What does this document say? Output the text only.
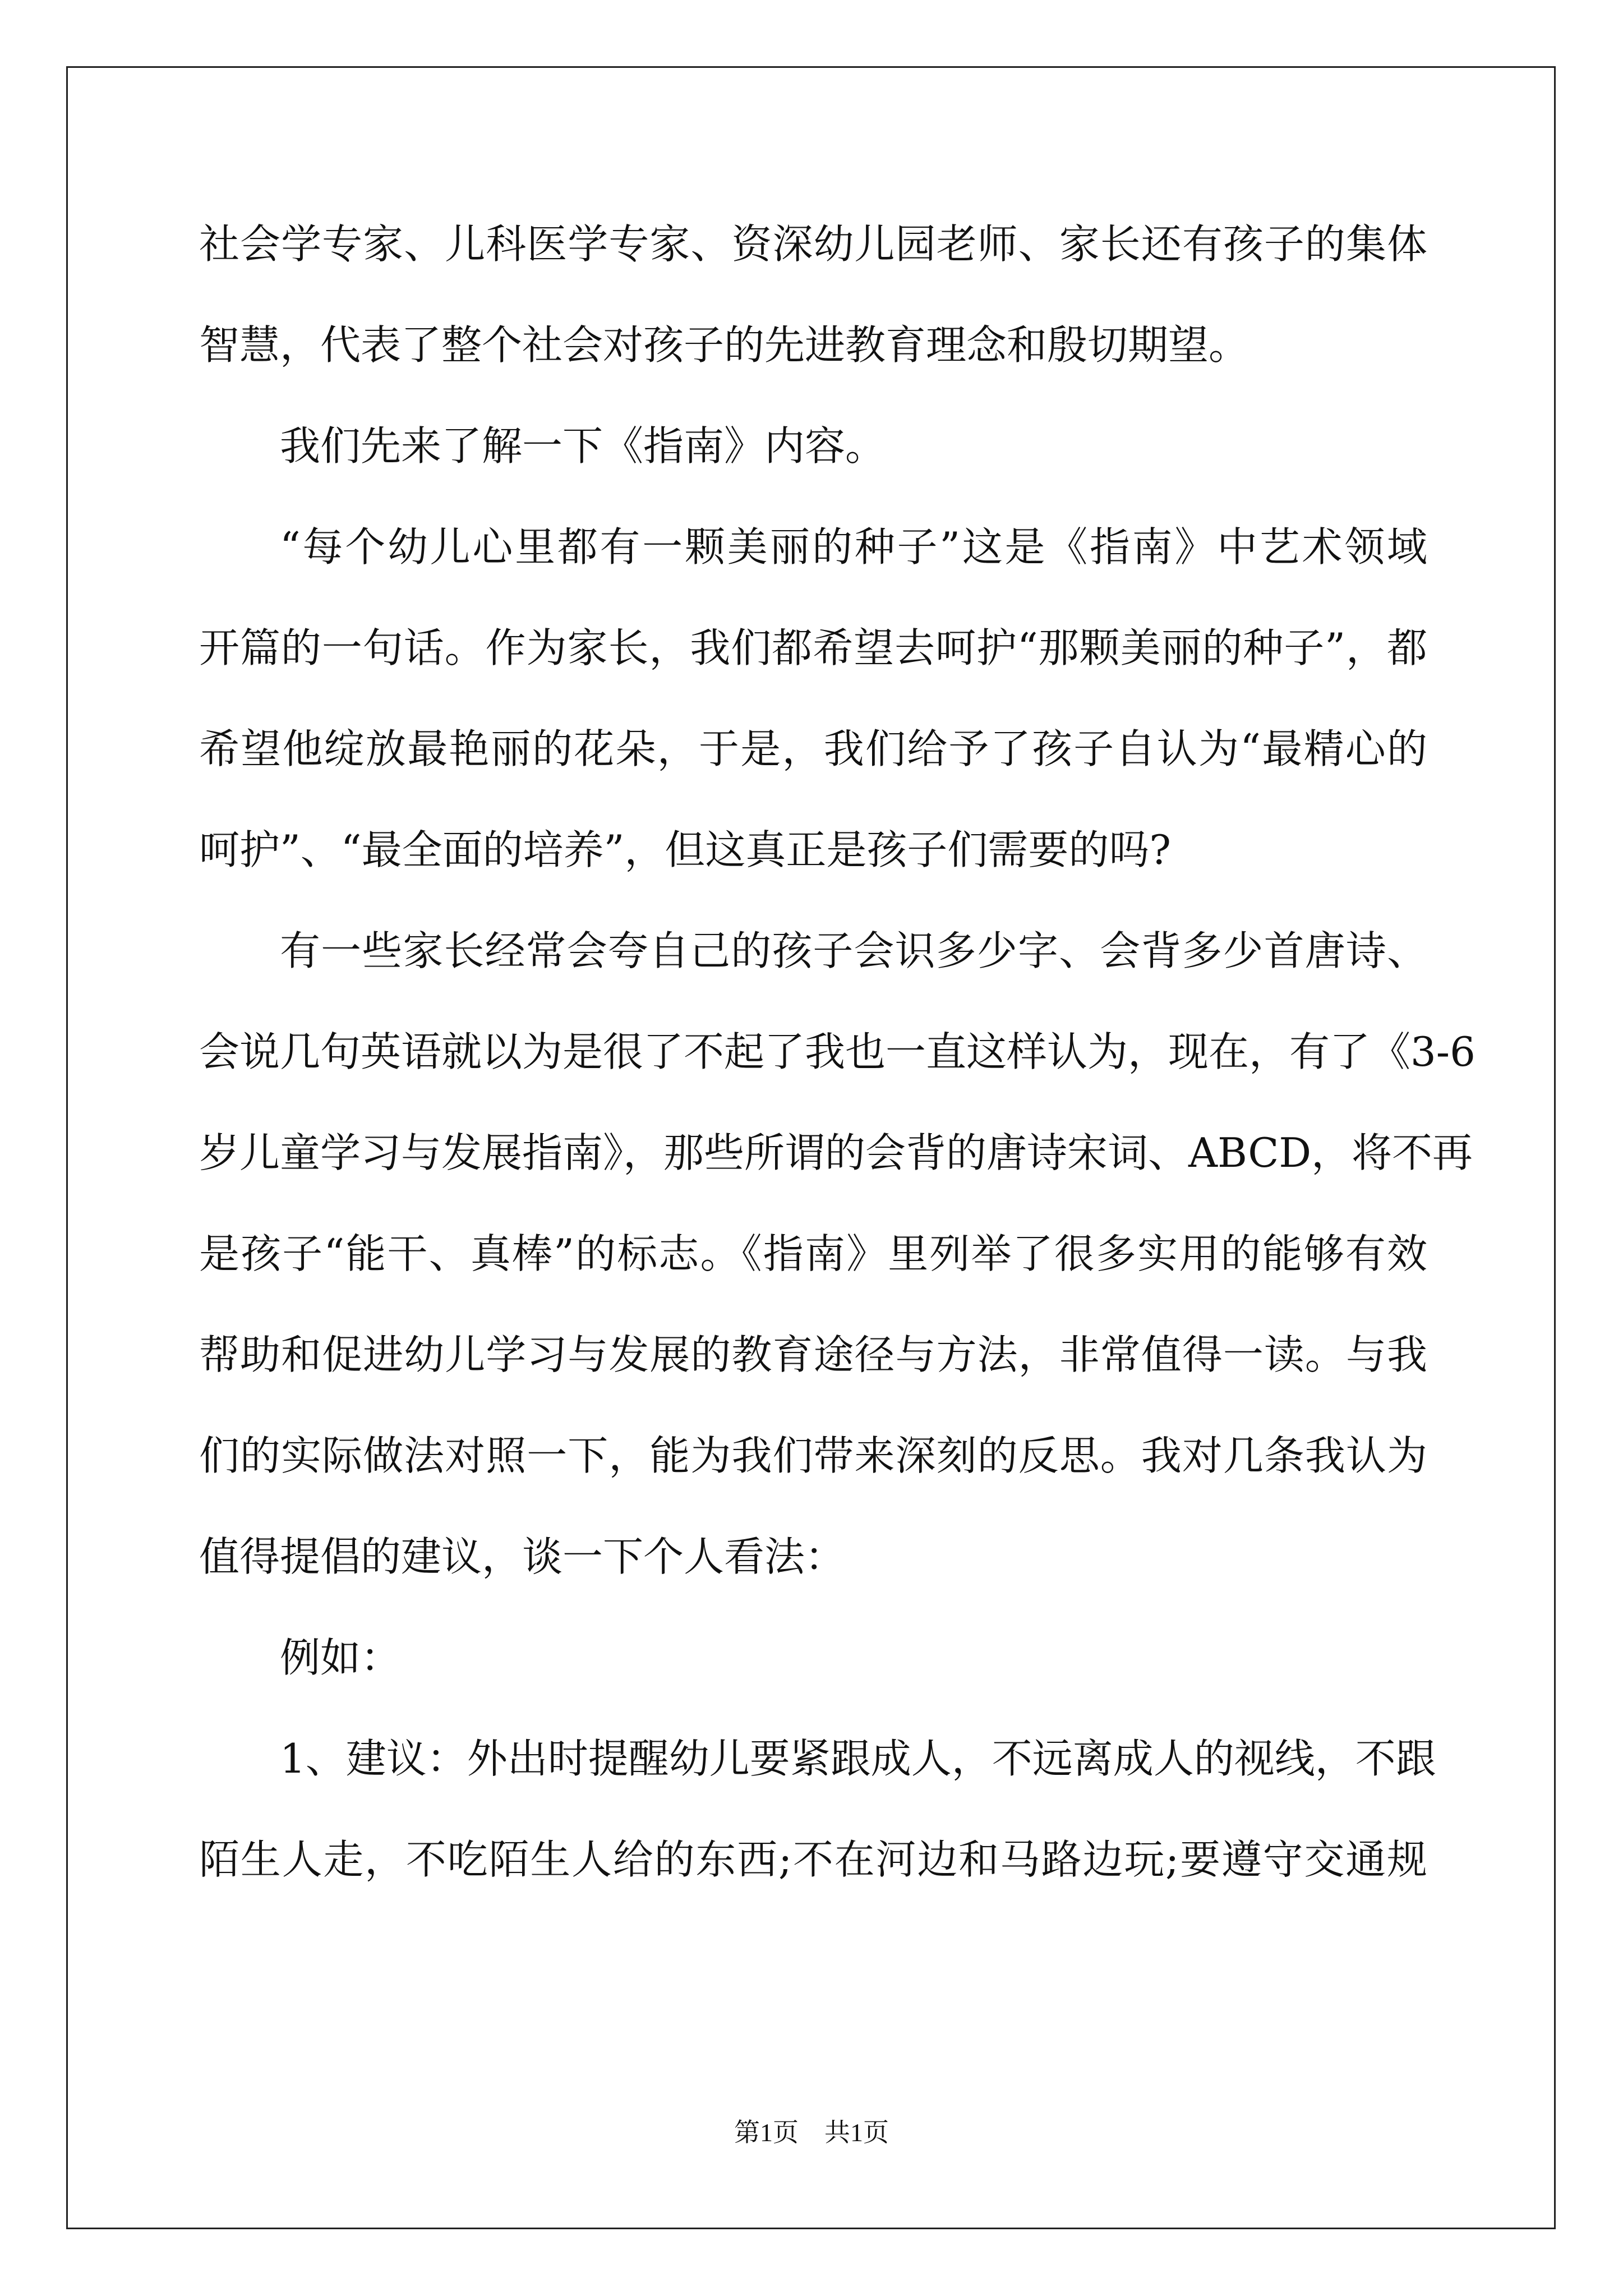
社会学专家、儿科医学专家、资深幼儿园老师、家长还有孩子的集体
智慧，代表了整个社会对孩子的先进教育理念和殷切期望。
我们先来了解一下《指南》内容。
“每个幼儿心里都有一颗美丽的种子”这是《指南》中艺术领域
开篇的一句话。作为家长，我们都希望去呵护“那颗美丽的种子”，都
希望他绽放最艳丽的花朵，于是，我们给予了孩子自认为“最精心的
呵护”、“最全面的培养”，但这真正是孩子们需要的吗?
有一些家长经常会夸自己的孩子会识多少字、会背多少首唐诗、
会说几句英语就以为是很了不起了我也一直这样认为，现在，有了《3-6
岁儿童学习与发展指南》，那些所谓的会背的唐诗宋词、ABCD，将不再
是孩子“能干、真棒”的标志。《指南》里列举了很多实用的能够有效
帮助和促进幼儿学习与发展的教育途径与方法，非常值得一读。与我
们的实际做法对照一下，能为我们带来深刻的反思。我对几条我认为
值得提倡的建议，谈一下个人看法：
例如：
1、建议：外出时提醒幼儿要紧跟成人，不远离成人的视线，不跟
陌生人走，不吃陌生人给的东西;不在河边和马路边玩;要遵守交通规
第1页 共1页
